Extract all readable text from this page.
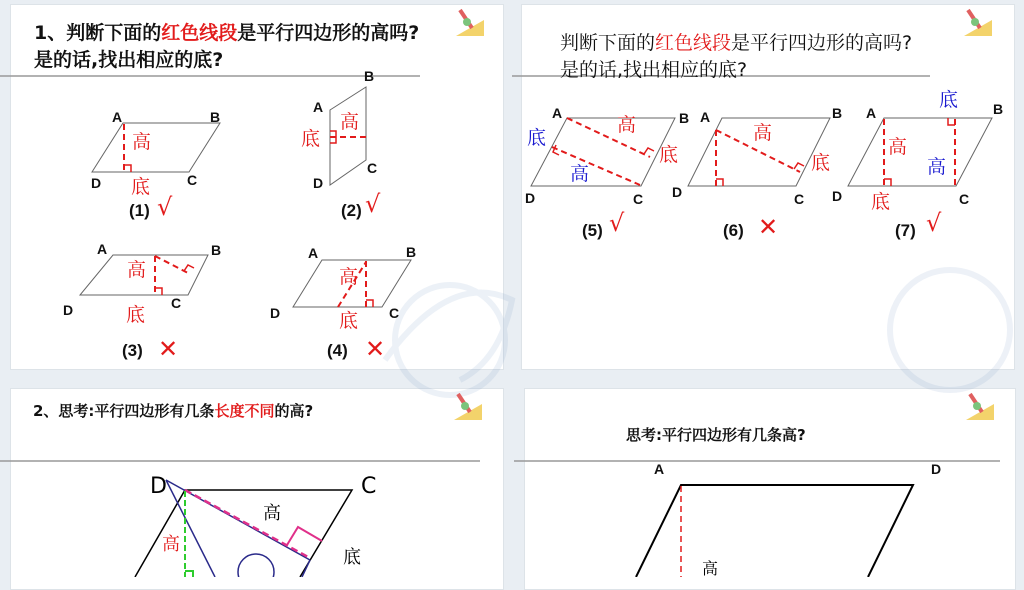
1、判断下面的红色线段是平行四边形的高吗?
是的话,找出相应的底?
A	B
C
D
高
底
(1) √
A
B
C
D
高
底
(2) √
A	B
C
D
高
底
(3) ✕
A	B
C
D
高
底
(4) ✕
判断下面的红色线段是平行四边形的高吗?
是的话,找出相应的底?
A	B
C
D
底
高
高
底
(5) √
A	B
C
D
高
底
(6) ✕
A	B
C
D
底
高
高
底
(7) √
2、思考:平行四边形有几条长度不同的高?
D	C
高
高
底
思考:平行四边形有几条高?
A	D
高
